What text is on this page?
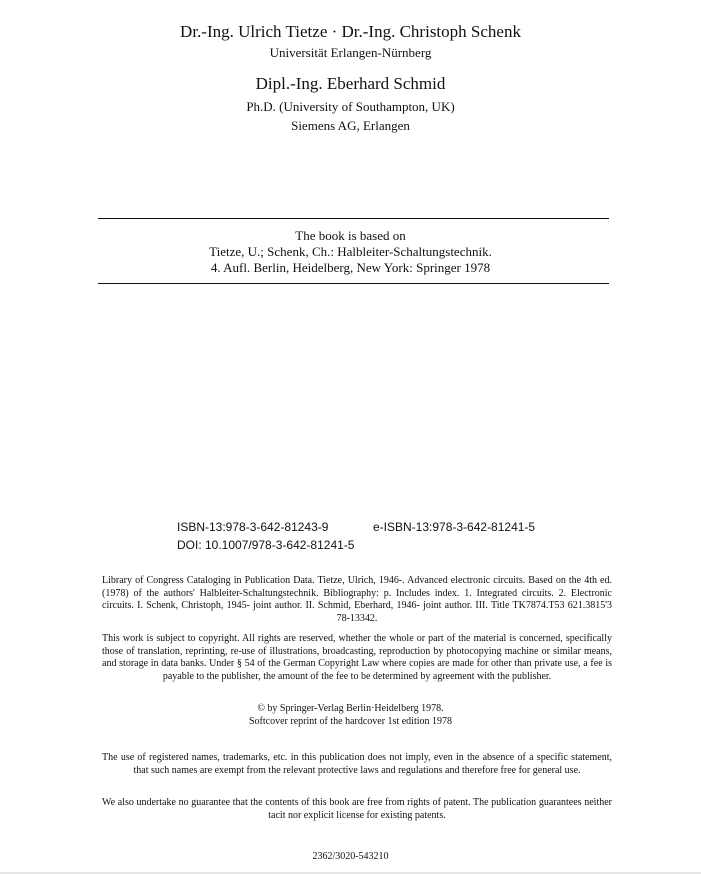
Dr.-Ing. Ulrich Tietze · Dr.-Ing. Christoph Schenk
Universität Erlangen-Nürnberg
Dipl.-Ing. Eberhard Schmid
Ph.D. (University of Southampton, UK)
Siemens AG, Erlangen
The book is based on
Tietze, U.; Schenk, Ch.: Halbleiter-Schaltungstechnik.
4. Aufl. Berlin, Heidelberg, New York: Springer 1978
ISBN-13:978-3-642-81243-9	e-ISBN-13:978-3-642-81241-5
DOI: 10.1007/978-3-642-81241-5
Library of Congress Cataloging in Publication Data. Tietze, Ulrich, 1946-. Advanced electronic circuits. Based on the 4th ed. (1978) of the authors' Halbleiter-Schaltungstechnik. Bibliography: p. Includes index. 1. Integrated circuits. 2. Electronic circuits. I. Schenk, Christoph, 1945- joint author. II. Schmid, Eberhard, 1946- joint author. III. Title TK7874.T53 621.3815'3 78-13342.
This work is subject to copyright. All rights are reserved, whether the whole or part of the material is concerned, specifically those of translation, reprinting, re-use of illustrations, broadcasting, reproduction by photocopying machine or similar means, and storage in data banks. Under § 54 of the German Copyright Law where copies are made for other than private use, a fee is payable to the publisher, the amount of the fee to be determined by agreement with the publisher.
© by Springer-Verlag Berlin·Heidelberg 1978.
Softcover reprint of the hardcover 1st edition 1978
The use of registered names, trademarks, etc. in this publication does not imply, even in the absence of a specific statement, that such names are exempt from the relevant protective laws and regulations and therefore free for general use.
We also undertake no guarantee that the contents of this book are free from rights of patent. The publication guarantees neither tacit nor explicit license for existing patents.
2362/3020-543210
